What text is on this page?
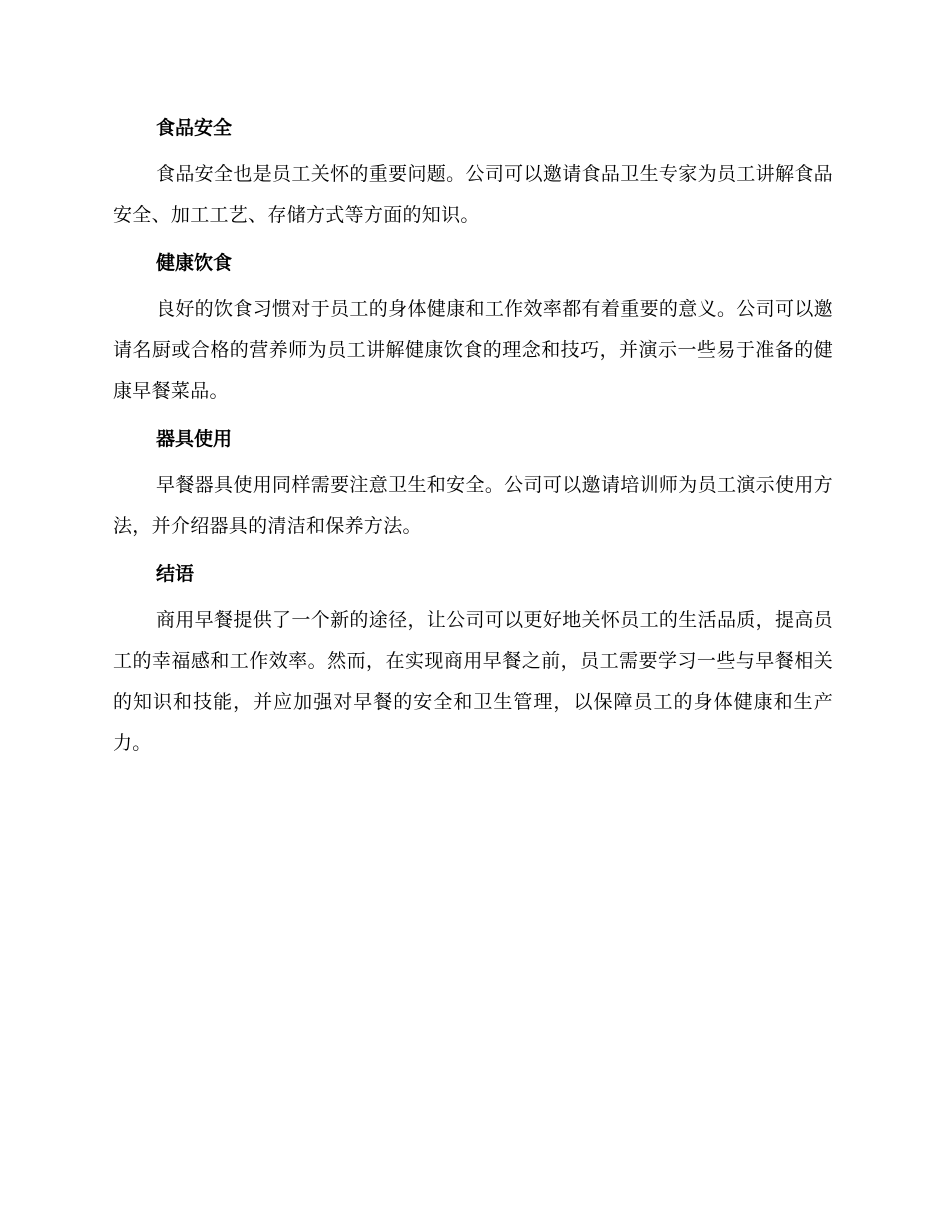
食品安全

食品安全也是员工关怀的重要问题。公司可以邀请食品卫生专家为员工讲解食品安全、加工工艺、存储方式等方面的知识。

健康饮食

良好的饮食习惯对于员工的身体健康和工作效率都有着重要的意义。公司可以邀请名厨或合格的营养师为员工讲解健康饮食的理念和技巧，并演示一些易于准备的健康早餐菜品。

器具使用

早餐器具使用同样需要注意卫生和安全。公司可以邀请培训师为员工演示使用方法，并介绍器具的清洁和保养方法。

结语

商用早餐提供了一个新的途径，让公司可以更好地关怀员工的生活品质，提高员工的幸福感和工作效率。然而，在实现商用早餐之前，员工需要学习一些与早餐相关的知识和技能，并应加强对早餐的安全和卫生管理，以保障员工的身体健康和生产力。
